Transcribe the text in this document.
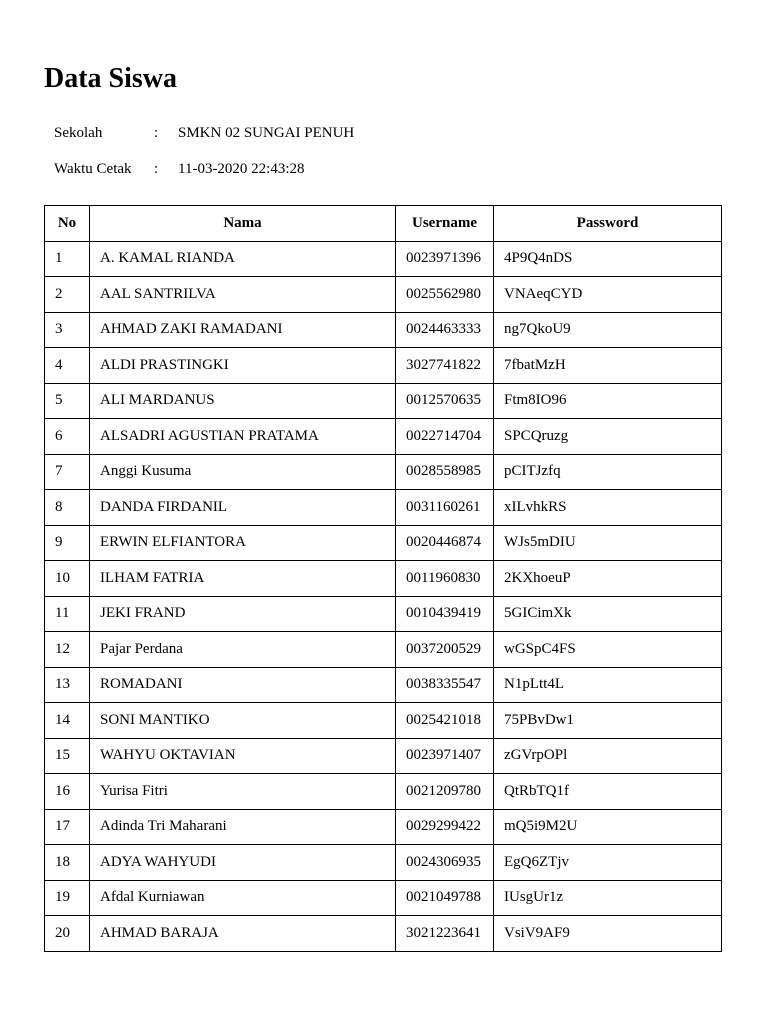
Data Siswa
Sekolah	: SMKN 02 SUNGAI PENUH
Waktu Cetak : 11-03-2020 22:43:28
No	Nama	Username	Password
1	A. KAMAL RIANDA	0023971396	4P9Q4nDS
2	AAL SANTRILVA	0025562980	VNAeqCYD
3	AHMAD ZAKI RAMADANI	0024463333	ng7QkoU9
4	ALDI PRASTINGKI	3027741822	7fbatMzH
5	ALI MARDANUS	0012570635	Ftm8IO96
6	ALSADRI AGUSTIAN PRATAMA	0022714704	SPCQruzg
7	Anggi Kusuma	0028558985	pCITJzfq
8	DANDA FIRDANIL	0031160261	xILvhkRS
9	ERWIN ELFIANTORA	0020446874	WJs5mDIU
10	ILHAM FATRIA	0011960830	2KXhoeuP
11	JEKI FRAND	0010439419	5GICimXk
12	Pajar Perdana	0037200529	wGSpC4FS
13	ROMADANI	0038335547	N1pLtt4L
14	SONI MANTIKO	0025421018	75PBvDw1
15	WAHYU OKTAVIAN	0023971407	zGVrpOPl
16	Yurisa Fitri	0021209780	QtRbTQ1f
17	Adinda Tri Maharani	0029299422	mQ5i9M2U
18	ADYA WAHYUDI	0024306935	EgQ6ZTjv
19	Afdal Kurniawan	0021049788	IUsgUr1z
20	AHMAD BARAJA	3021223641	VsiV9AF9
